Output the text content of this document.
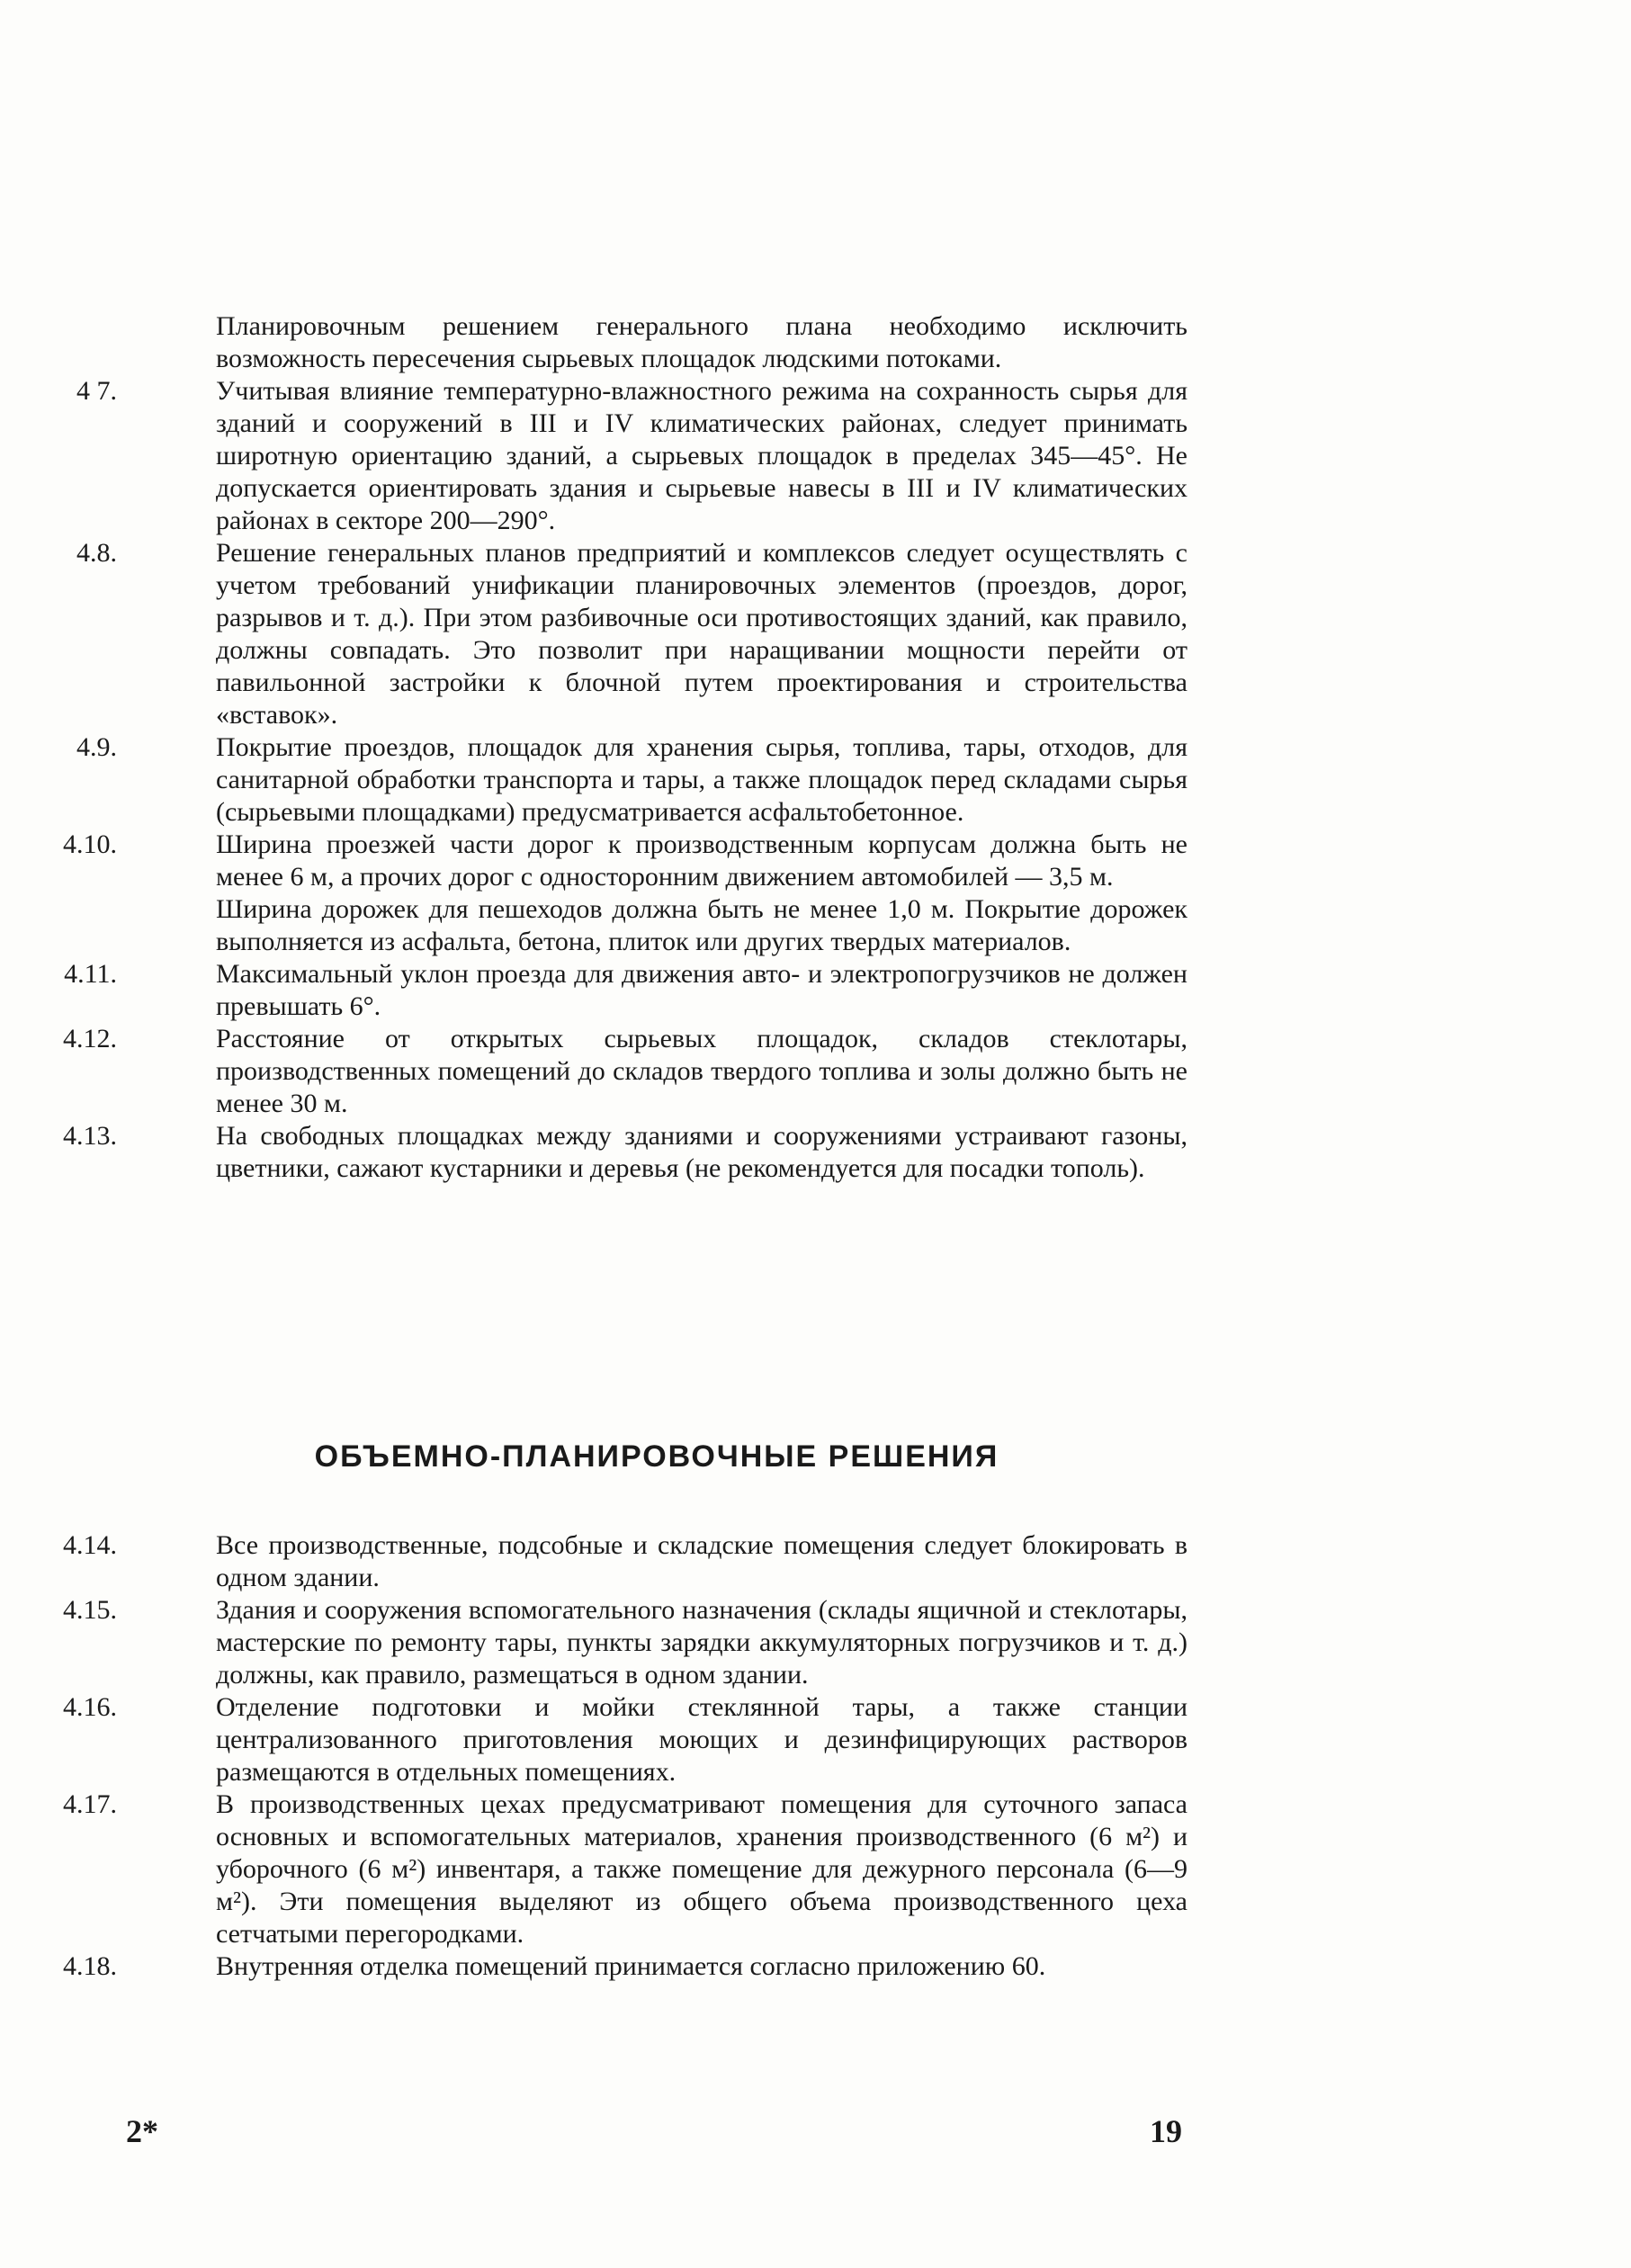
Планировочным решением генерального плана необходимо исключить возможность пересечения сырьевых площадок людскими потоками.

4 7.	Учитывая влияние температурно-влажностного режима на сохранность сырья для зданий и сооружений в III и IV климатических районах, следует принимать широтную ориентацию зданий, а сырьевых площадок в пределах 345—45°. Не допускается ориентировать здания и сырьевые навесы в III и IV климатических районах в секторе 200—290°.
4.8.	Решение генеральных планов предприятий и комплексов следует осуществлять с учетом требований унификации планировочных элементов (проездов, дорог, разрывов и т. д.). При этом разбивочные оси противостоящих зданий, как правило, должны совпадать. Это позволит при наращивании мощности перейти от павильонной застройки к блочной путем проектирования и строительства «вставок».
4.9.	Покрытие проездов, площадок для хранения сырья, топлива, тары, отходов, для санитарной обработки транспорта и тары, а также площадок перед складами сырья (сырьевыми площадками) предусматривается асфальтобетонное.
4.10.	Ширина проезжей части дорог к производственным корпусам должна быть не менее 6 м, а прочих дорог с односторонним движением автомобилей — 3,5 м.
Ширина дорожек для пешеходов должна быть не менее 1,0 м. Покрытие дорожек выполняется из асфальта, бетона, плиток или других твердых материалов.
4.11.	Максимальный уклон проезда для движения авто- и электропогрузчиков не должен превышать 6°.
4.12.	Расстояние от открытых сырьевых площадок, складов стеклотары, производственных помещений до складов твердого топлива и золы должно быть не менее 30 м.
4.13.	На свободных площадках между зданиями и сооружениями устраивают газоны, цветники, сажают кустарники и деревья (не рекомендуется для посадки тополь).
ОБЪЕМНО-ПЛАНИРОВОЧНЫЕ РЕШЕНИЯ
4.14.	Все производственные, подсобные и складские помещения следует блокировать в одном здании.
4.15.	Здания и сооружения вспомогательного назначения (склады ящичной и стеклотары, мастерские по ремонту тары, пункты зарядки аккумуляторных погрузчиков и т. д.) должны, как правило, размещаться в одном здании.
4.16.	Отделение подготовки и мойки стеклянной тары, а также станции централизованного приготовления моющих и дезинфицирующих растворов размещаются в отдельных помещениях.
4.17.	В производственных цехах предусматривают помещения для суточного запаса основных и вспомогательных материалов, хранения производственного (6 м²) и уборочного (6 м²) инвентаря, а также помещение для дежурного персонала (6—9 м²). Эти помещения выделяют из общего объема производственного цеха сетчатыми перегородками.
4.18.	Внутренняя отделка помещений принимается согласно приложению 60.
2*	19
